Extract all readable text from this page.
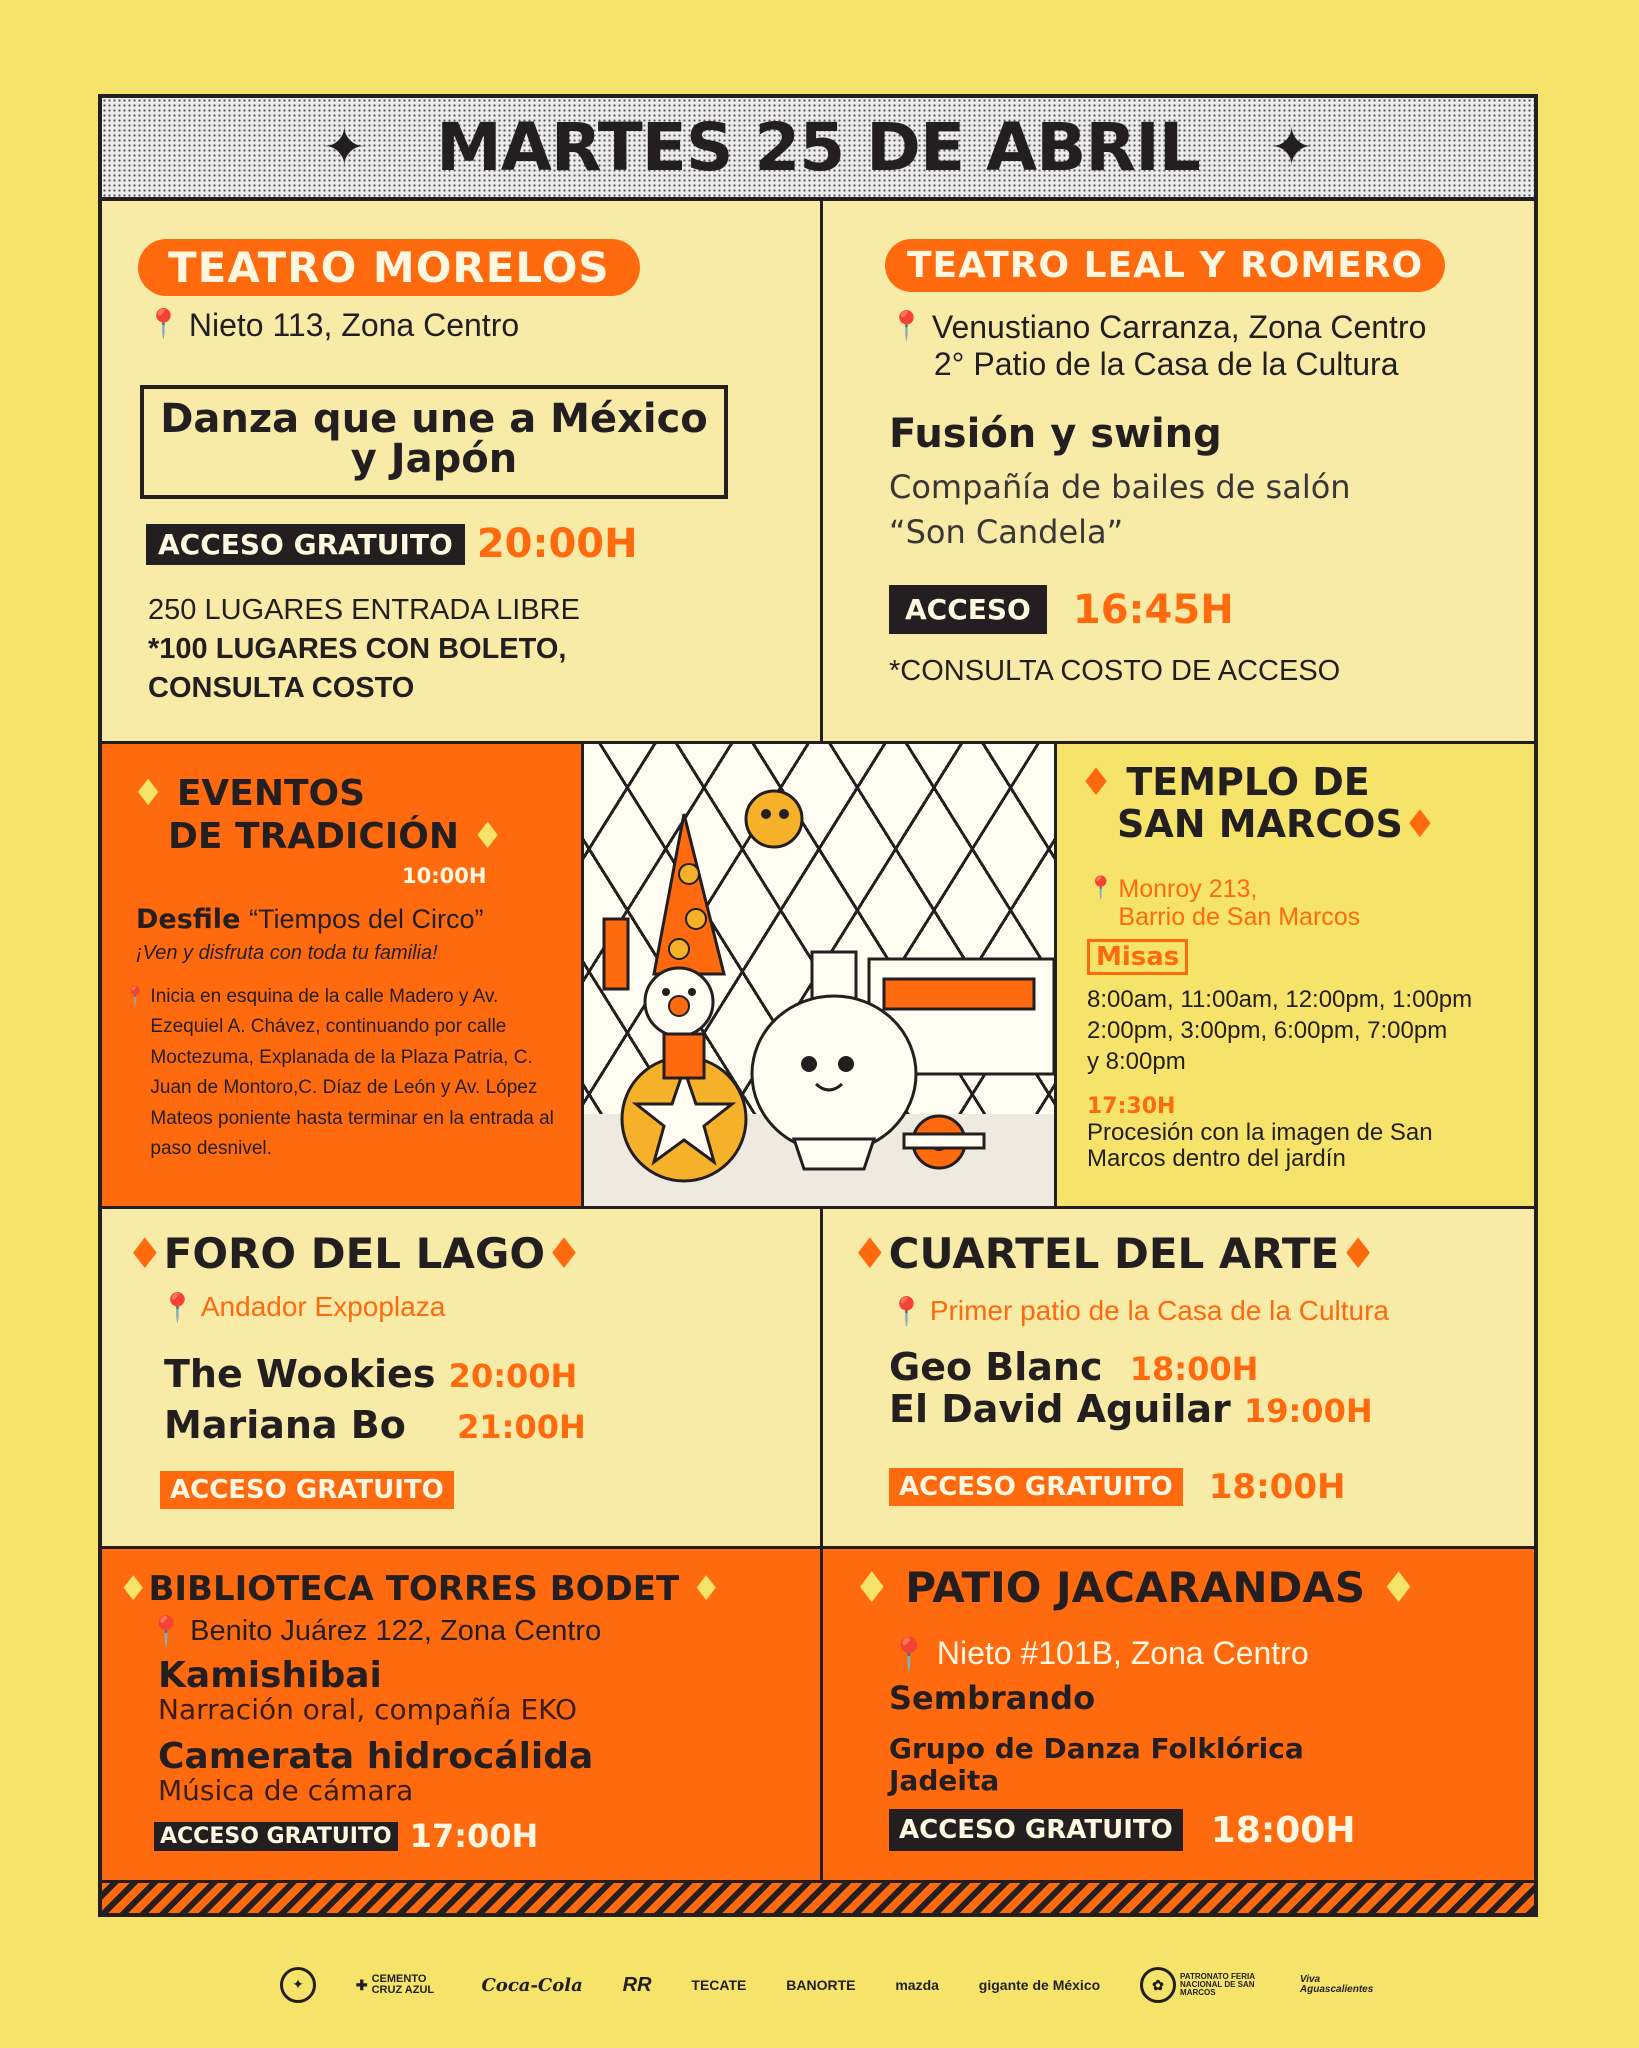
✦ MARTES 25 DE ABRIL ✦
TEATRO MORELOS
📍 Nieto 113, Zona Centro
Danza que une a México y Japón
ACCESO GRATUITO 20:00H
250 LUGARES ENTRADA LIBRE
*100 LUGARES CON BOLETO,
CONSULTA COSTO
TEATRO LEAL Y ROMERO
📍 Venustiano Carranza, Zona Centro
2° Patio de la Casa de la Cultura
Fusión y swing
Compañía de bailes de salón
“Son Candela”
ACCESO	16:45H
*CONSULTA COSTO DE ACCESO
♦ EVENTOS
DE TRADICIÓN ♦
10:00H
Desfile “Tiempos del Circo”
¡Ven y disfruta con toda tu familia!
📍 Inicia en esquina de la calle Madero y Av. Ezequiel A. Chávez, continuando por calle Moctezuma, Explanada de la Plaza Patria, C. Juan de Montoro,C. Díaz de León y Av. López Mateos poniente hasta terminar en la entrada al paso desnivel.
♦ TEMPLO DE
SAN MARCOS♦
📍 Monroy 213,
Barrio de San Marcos
Misas
8:00am, 11:00am, 12:00pm, 1:00pm
2:00pm, 3:00pm, 6:00pm, 7:00pm
y 8:00pm
17:30H
Procesión con la imagen de San
Marcos dentro del jardín
♦FORO DEL LAGO♦
📍 Andador Expoplaza
The Wookies 20:00H
Mariana Bo 21:00H
ACCESO GRATUITO
♦CUARTEL DEL ARTE♦
📍 Primer patio de la Casa de la Cultura
Geo Blanc 18:00H
El David Aguilar 19:00H
ACCESO GRATUITO 18:00H
♦BIBLIOTECA TORRES BODET ♦
📍 Benito Juárez 122, Zona Centro
Kamishibai
Narración oral, compañía EKO
Camerata hidrocálida
Música de cámara
ACCESO GRATUITO 17:00H
♦ PATIO JACARANDAS ♦
📍 Nieto #101B, Zona Centro
Sembrando
Grupo de Danza Folklórica
Jadeita
ACCESO GRATUITO 18:00H
✦	✚ CEMENTO CRUZ AZUL	Coca-Cola RR	TECATE	BANORTE	mazda	gigante de México	✿	PATRONATO FERIA NACIONAL DE SAN MARCOS
Viva Aguascalientes
